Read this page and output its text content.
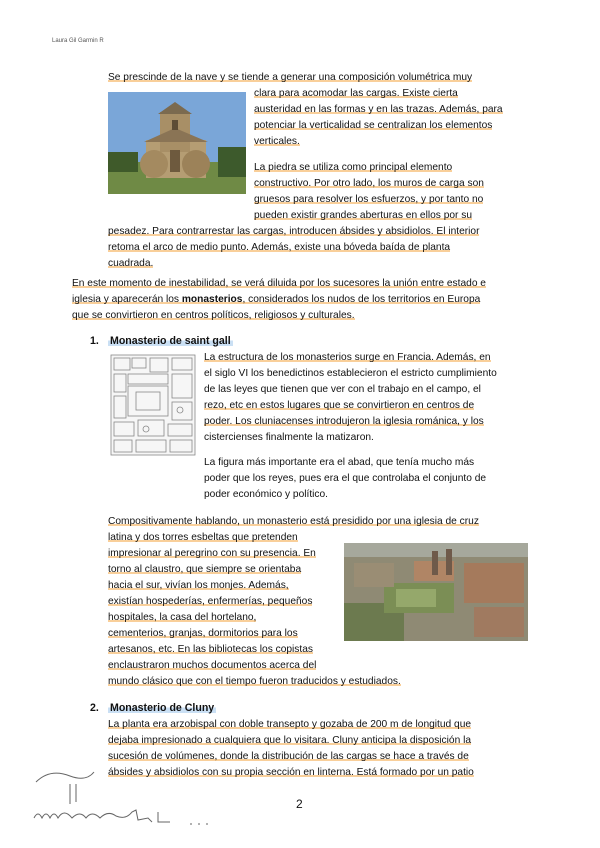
Laura Gil Garmin R
Se prescinde de la nave y se tiende a generar una composición volumétrica muy
clara para acomodar las cargas. Existe cierta
austeridad en las formas y en las trazas. Además, para
potenciar la verticalidad se centralizan los elementos
verticales.
La piedra se utiliza como principal elemento
constructivo. Por otro lado, los muros de carga son
gruesos para resolver los esfuerzos, y por tanto no
pueden existir grandes aberturas en ellos por su
pesadez. Para contrarrestar las cargas, introducen ábsides y absidiolos. El interior
retoma el arco de medio punto. Además, existe una bóveda baída de planta
cuadrada.
En este momento de inestabilidad, se verá diluida por los sucesores la unión entre estado e
iglesia y aparecerán los monasterios, considerados los nudos de los territorios en Europa
que se convirtieron en centros políticos, religiosos y culturales.
1. Monasterio de saint gall
La estructura de los monasterios surge en Francia. Además, en
el siglo VI los benedictinos establecieron el estricto cumplimiento
de las leyes que tienen que ver con el trabajo en el campo, el
rezo, etc en estos lugares que se convirtieron en centros de
poder. Los cluniacenses introdujeron la iglesia románica, y los
cistercienses finalmente la matizaron.
La figura más importante era el abad, que tenía mucho más
poder que los reyes, pues era el que controlaba el conjunto de
poder económico y político.
Compositivamente hablando, un monasterio está presidido por una iglesia de cruz
latina y dos torres esbeltas que pretenden
impresionar al peregrino con su presencia. En
torno al claustro, que siempre se orientaba
hacia el sur, vivían los monjes. Además,
existían hospederías, enfermerías, pequeños
hospitales, la casa del hortelano,
cementerios, granjas, dormitorios para los
artesanos, etc. En las bibliotecas los copistas
enclaustraron muchos documentos acerca del
mundo clásico que con el tiempo fueron traducidos y estudiados.
2. Monasterio de Cluny
La planta era arzobispal con doble transepto y gozaba de 200 m de longitud que
dejaba impresionado a cualquiera que lo visitara. Cluny anticipa la disposición la
sucesión de volúmenes, donde la distribución de las cargas se hace a través de
ábsides y absidiolos con su propia sección en linterna. Está formado por un patio
2
